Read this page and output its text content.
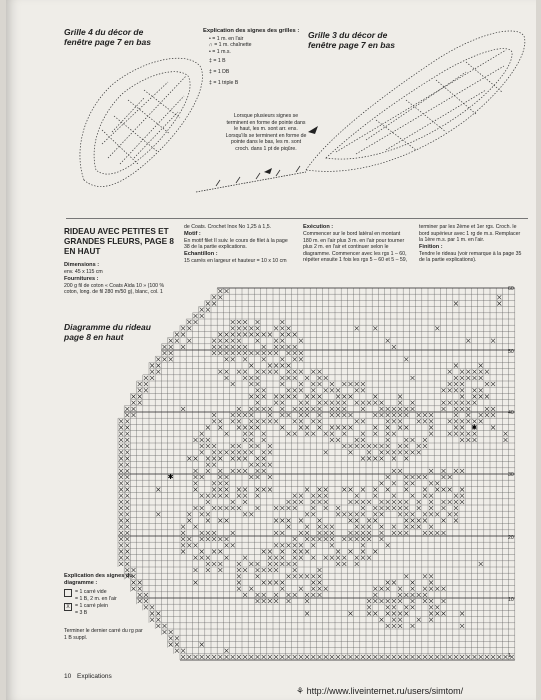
Grille 4 du décor de
fenêtre page 7 en bas
Explication des signes des grilles :
• = 1 m. en l'air
∩ = 1 m. chaînette
• = 1 m.s.
‡ = 1 B
‡ = 1 DB
‡ = 1 triple B
Lorsque plusieurs signes se
terminent en forme de pointe dans
le haut, les m. sont arr. ens.
Lorsqu'ils se terminent en forme de
pointe dans le bas, les m. sont
croch. dans 1 pt de piqûre.
Grille 3 du décor de
fenêtre page 7 en bas
RIDEAU AVEC PETITES ET
GRANDES FLEURS, PAGE 8
EN HAUT
Dimensions :
env. 45 x 115 cm
Fournitures :
200 g fil de coton « Coats Aïda 10 » (100 %
coton, long. de fil 280 m/50 g), blanc, col. 1
de Coats. Crochet Inox No 1,25 à 1,5.
Motif :
En motif filet II suiv. le cours de filet à la page
38 de la partie explications.
Echantillon :
15 carrés en largeur et hauteur = 10 x 10 cm
Exécution :
Commencer sur le bord latéral en montant
180 m. en l'air plus 3 m. en l'air pour tourner
plus 2 m. en l'air et continuer selon le
diagramme. Commencer avec les rgs 1 – 60,
répéter ensuite 1 fois les rgs 5 – 60 et 5 – 59,
terminer par les 2ème et 1er rgs. Croch. le
bord supérieur avec 1 rg de m.s. Remplacer
la 1ère m.s. par 1 m. en l'air.
Finition :
Tendre le rideau (voir remarque à la page 35
de la partie explications).
Diagramme du rideau
page 8 en haut
✱
✱
60
50
40
30
20
10
1
Explication des signes du
diagramme :
= 1 carré vide
= 1 B, 2 m. en l'air
X	= 1 carré plein
= 3 B
Terminer le dernier carré du rg par
1 B suppl.
10 Explications
⚘ http://www.liveinternet.ru/users/simtom/
